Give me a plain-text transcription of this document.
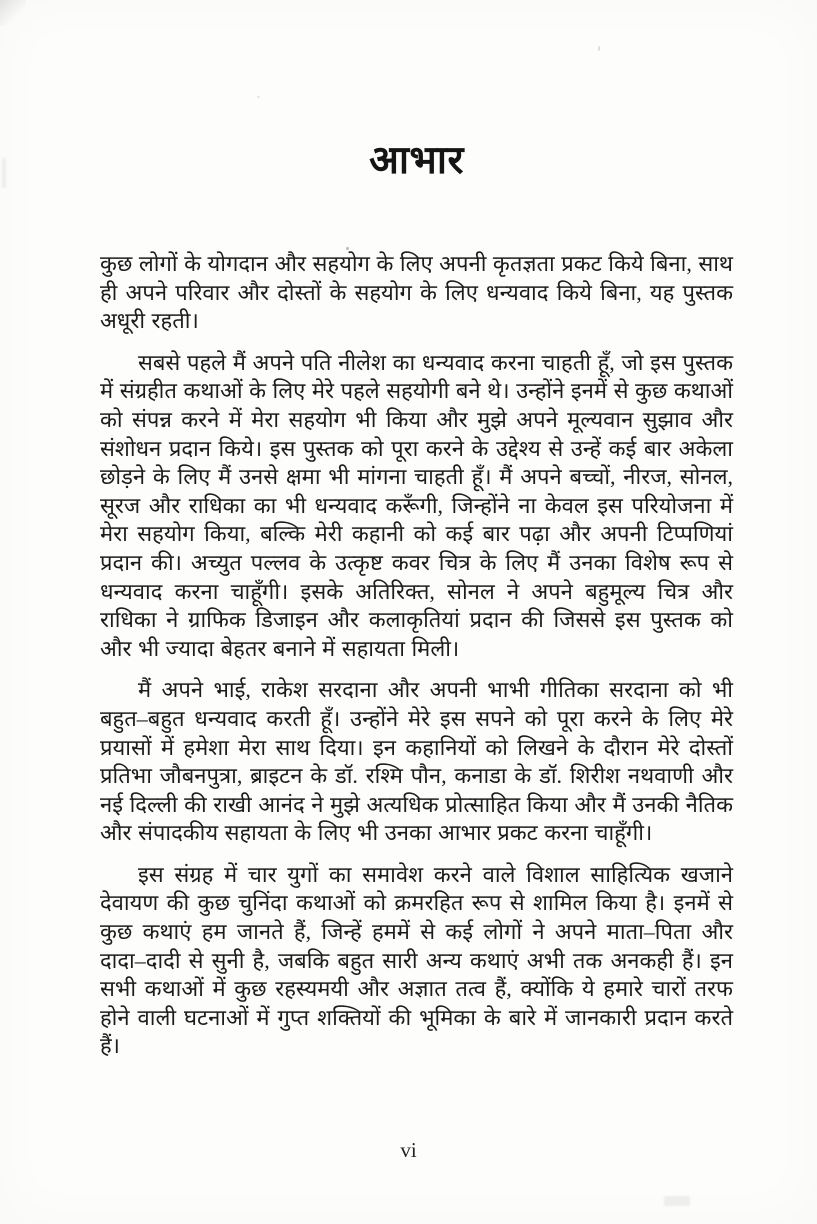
आभार

कुछ लोगों के योगदान और सहयोग के लिए अपनी कृतज्ञता प्रकट किये बिना, साथ ही अपने परिवार और दोस्तों के सहयोग के लिए धन्यवाद किये बिना, यह पुस्तक अधूरी रहती।

सबसे पहले मैं अपने पति नीलेश का धन्यवाद करना चाहती हूँ, जो इस पुस्तक में संग्रहीत कथाओं के लिए मेरे पहले सहयोगी बने थे। उन्होंने इनमें से कुछ कथाओं को संपन्न करने में मेरा सहयोग भी किया और मुझे अपने मूल्यवान सुझाव और संशोधन प्रदान किये। इस पुस्तक को पूरा करने के उद्देश्य से उन्हें कई बार अकेला छोड़ने के लिए मैं उनसे क्षमा भी मांगना चाहती हूँ। मैं अपने बच्चों, नीरज, सोनल, सूरज और राधिका का भी धन्यवाद करूँगी, जिन्होंने ना केवल इस परियोजना में मेरा सहयोग किया, बल्कि मेरी कहानी को कई बार पढ़ा और अपनी टिप्पणियां प्रदान की। अच्युत पल्लव के उत्कृष्ट कवर चित्र के लिए मैं उनका विशेष रूप से धन्यवाद करना चाहूँगी। इसके अतिरिक्त, सोनल ने अपने बहुमूल्य चित्र और राधिका ने ग्राफिक डिजाइन और कलाकृतियां प्रदान की जिससे इस पुस्तक को और भी ज्यादा बेहतर बनाने में सहायता मिली।

मैं अपने भाई, राकेश सरदाना और अपनी भाभी गीतिका सरदाना को भी बहुत–बहुत धन्यवाद करती हूँ। उन्होंने मेरे इस सपने को पूरा करने के लिए मेरे प्रयासों में हमेशा मेरा साथ दिया। इन कहानियों को लिखने के दौरान मेरे दोस्तों प्रतिभा जौबनपुत्रा, ब्राइटन के डॉ. रश्मि पौन, कनाडा के डॉ. शिरीश नथवाणी और नई दिल्ली की राखी आनंद ने मुझे अत्यधिक प्रोत्साहित किया और मैं उनकी नैतिक और संपादकीय सहायता के लिए भी उनका आभार प्रकट करना चाहूँगी।

इस संग्रह में चार युगों का समावेश करने वाले विशाल साहित्यिक खजाने देवायण की कुछ चुनिंदा कथाओं को क्रमरहित रूप से शामिल किया है। इनमें से कुछ कथाएं हम जानते हैं, जिन्हें हममें से कई लोगों ने अपने माता–पिता और दादा–दादी से सुनी है, जबकि बहुत सारी अन्य कथाएं अभी तक अनकही हैं। इन सभी कथाओं में कुछ रहस्यमयी और अज्ञात तत्व हैं, क्योंकि ये हमारे चारों तरफ होने वाली घटनाओं में गुप्त शक्तियों की भूमिका के बारे में जानकारी प्रदान करते हैं।

vi
